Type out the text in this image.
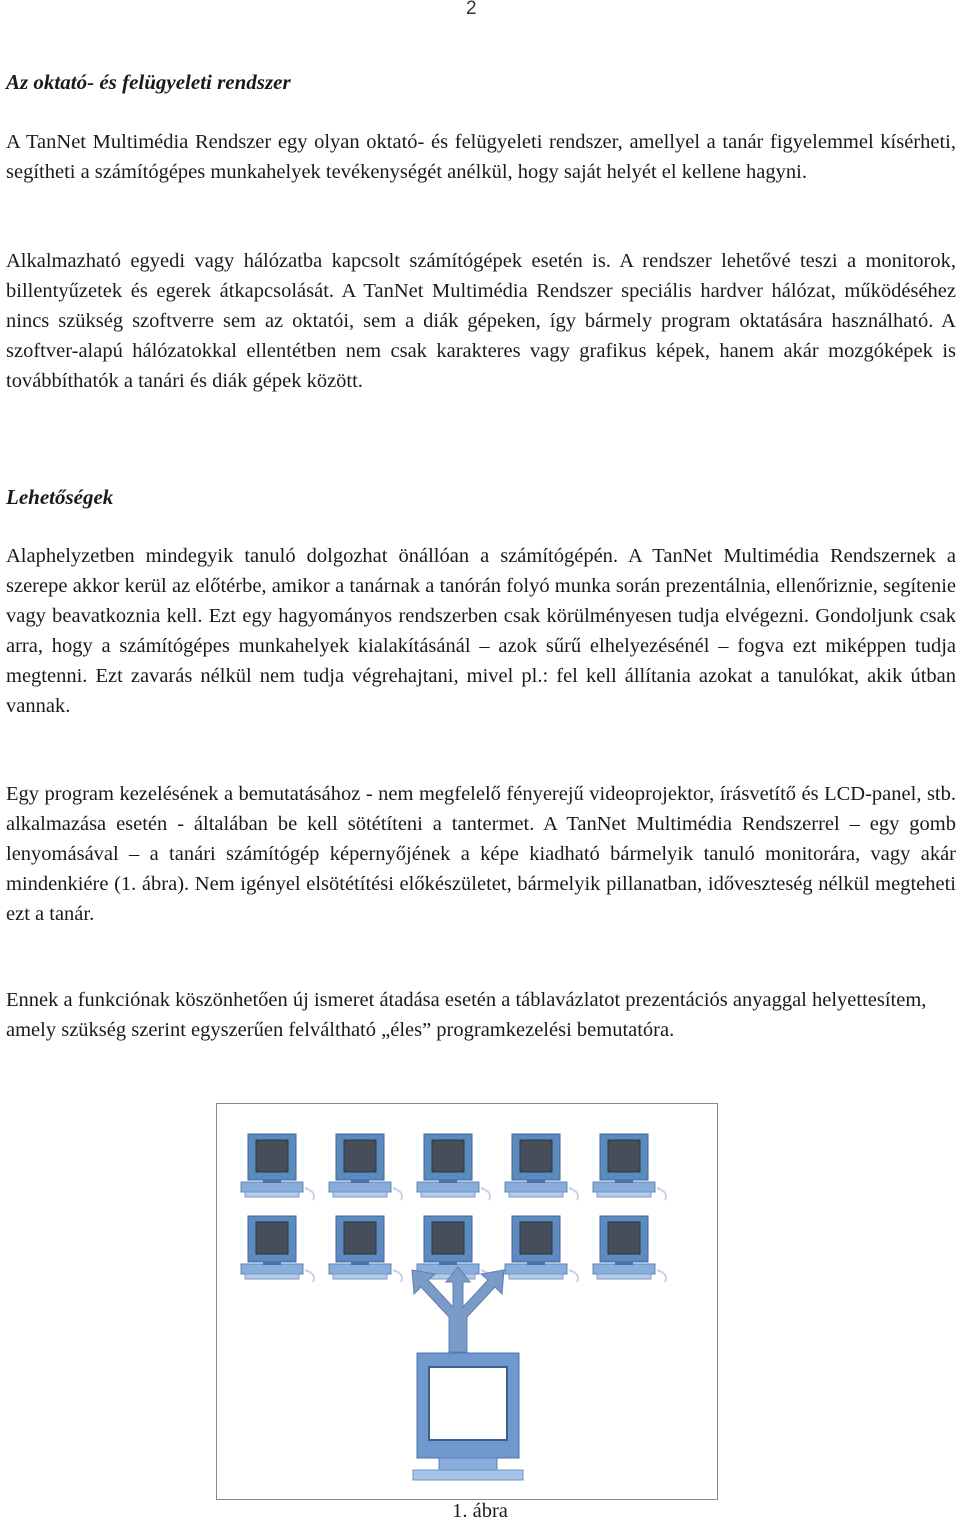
2
Az oktató- és felügyeleti rendszer

A TanNet Multimédia Rendszer egy olyan oktató- és felügyeleti rendszer, amellyel a tanár figyelemmel kísérheti, segítheti a számítógépes munkahelyek tevékenységét anélkül, hogy saját helyét el kellene hagyni.

Alkalmazható egyedi vagy hálózatba kapcsolt számítógépek esetén is. A rendszer lehetővé teszi a monitorok, billentyűzetek és egerek átkapcsolását. A TanNet Multimédia Rendszer speciális hardver hálózat, működéséhez nincs szükség szoftverre sem az oktatói, sem a diák gépeken, így bármely program oktatására használható. A szoftver-alapú hálózatokkal ellentétben nem csak karakteres vagy grafikus képek, hanem akár mozgóképek is továbbíthatók a tanári és diák gépek között.

Lehetőségek

Alaphelyzetben mindegyik tanuló dolgozhat önállóan a számítógépén. A TanNet Multimédia Rendszernek a szerepe akkor kerül az előtérbe, amikor a tanárnak a tanórán folyó munka során prezentálnia, ellenőriznie, segítenie vagy beavatkoznia kell. Ezt egy hagyományos rendszerben csak körülményesen tudja elvégezni. Gondoljunk csak arra, hogy a számítógépes munkahelyek kialakításánál – azok sűrű elhelyezésénél – fogva ezt miképpen tudja megtenni. Ezt zavarás nélkül nem tudja végrehajtani, mivel pl.: fel kell állítania azokat a tanulókat, akik útban vannak.

Egy program kezelésének a bemutatásához - nem megfelelő fényerejű videoprojektor, írásvetítő és LCD-panel, stb. alkalmazása esetén - általában be kell sötétíteni a tantermet. A TanNet Multimédia Rendszerrel – egy gomb lenyomásával – a tanári számítógép képernyőjének a képe kiadható bármelyik tanuló monitorára, vagy akár mindenkiére (1. ábra). Nem igényel elsötétítési előkészületet, bármelyik pillanatban, időveszteség nélkül megteheti ezt a tanár.

Ennek a funkciónak köszönhetően új ismeret átadása esetén a táblavázlatot prezentációs anyaggal helyettesítem, amely szükség szerint egyszerűen felváltható „éles” programkezelési bemutatóra.

1. ábra
